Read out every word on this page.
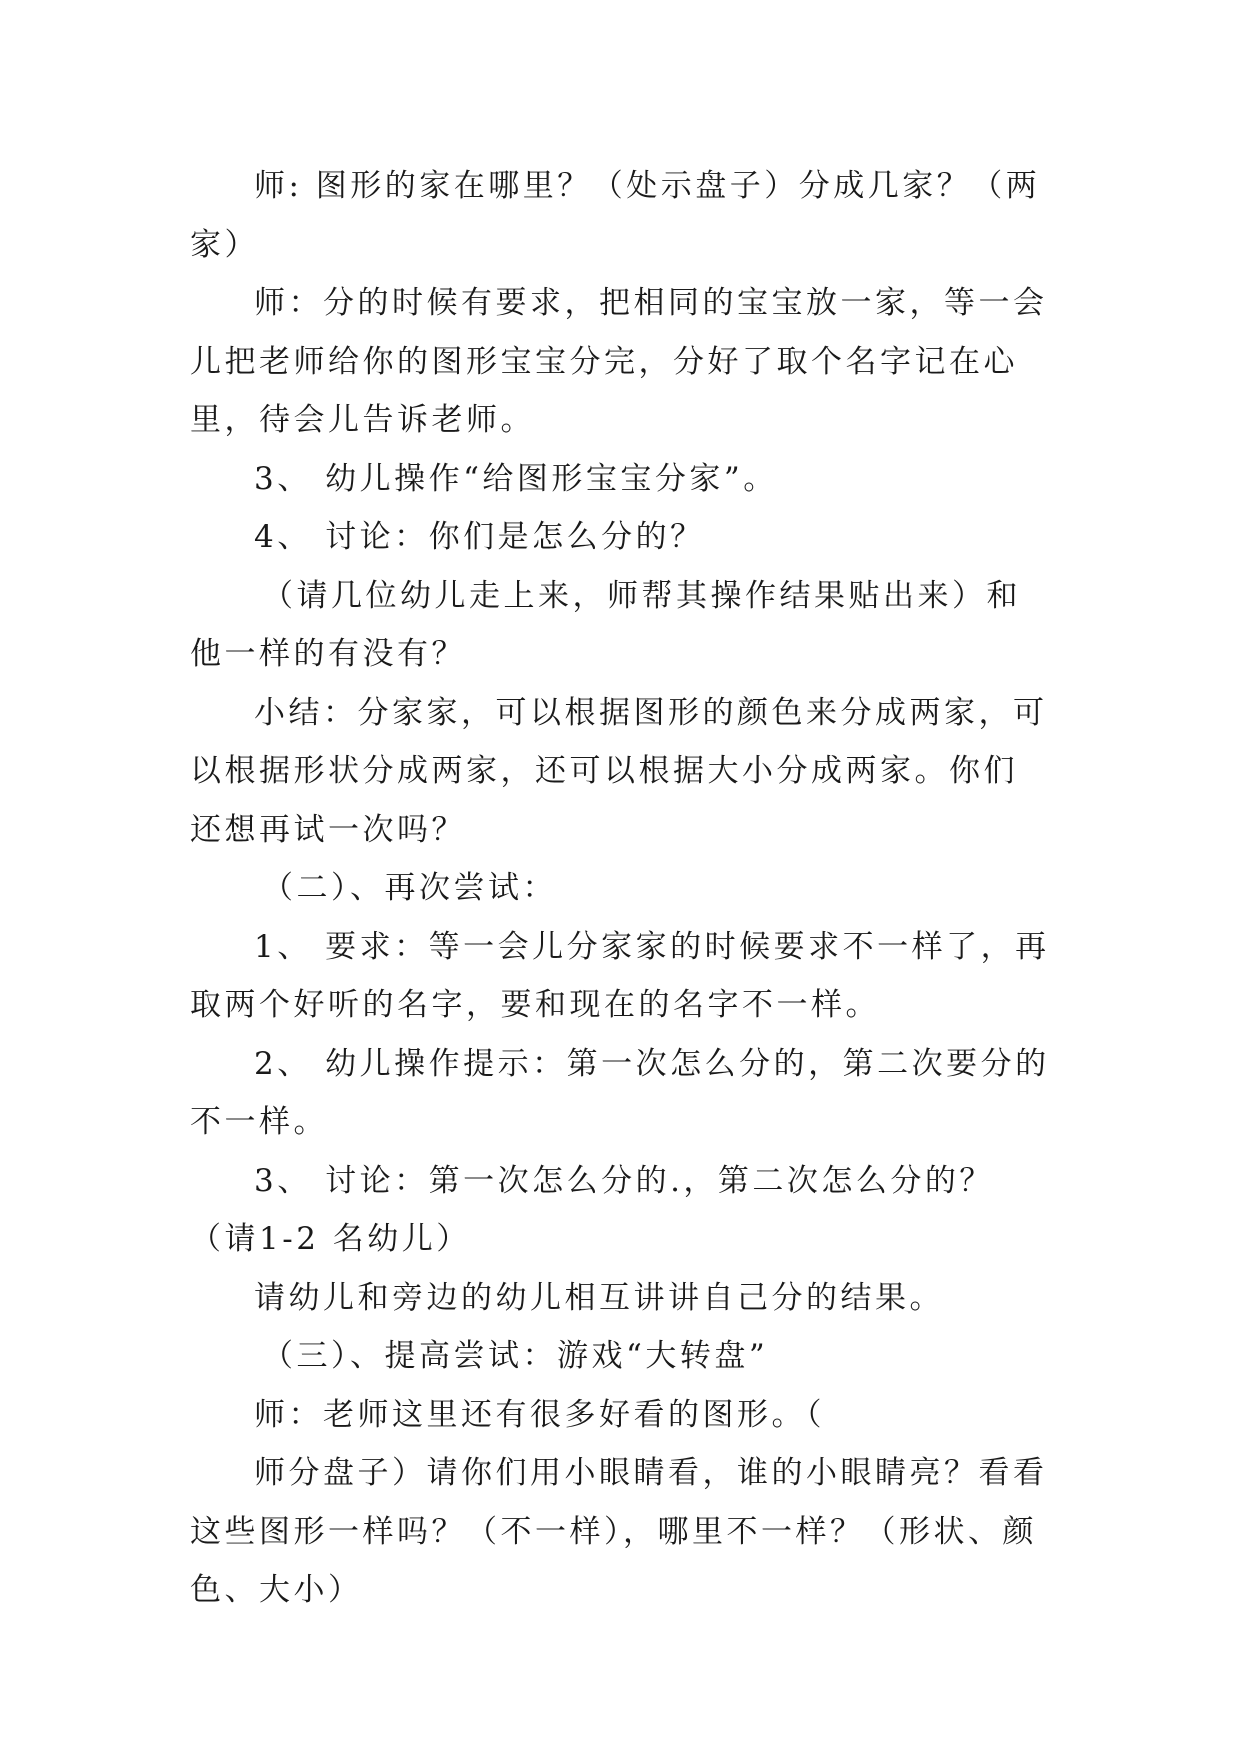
师: 图形的家在哪里？（处示盘子）分成几家？（两家）

师：分的时候有要求，把相同的宝宝放一家，等一会儿把老师给你的图形宝宝分完，分好了取个名字记在心里，待会儿告诉老师。

3、 幼儿操作“给图形宝宝分家”。

4、 讨论：你们是怎么分的？

（请几位幼儿走上来，师帮其操作结果贴出来）和他一样的有没有？

小结：分家家，可以根据图形的颜色来分成两家，可以根据形状分成两家，还可以根据大小分成两家。你们还想再试一次吗？

（二）、再次尝试：

1、 要求：等一会儿分家家的时候要求不一样了，再取两个好听的名字，要和现在的名字不一样。

2、 幼儿操作提示：第一次怎么分的，第二次要分的不一样。

3、 讨论：第一次怎么分的.，第二次怎么分的？（请1-2 名幼儿）

请幼儿和旁边的幼儿相互讲讲自己分的结果。

（三）、提高尝试：游戏“大转盘”

师：老师这里还有很多好看的图形。（

师分盘子）请你们用小眼睛看，谁的小眼睛亮？看看这些图形一样吗？（不一样），哪里不一样？（形状、颜色、大小）
